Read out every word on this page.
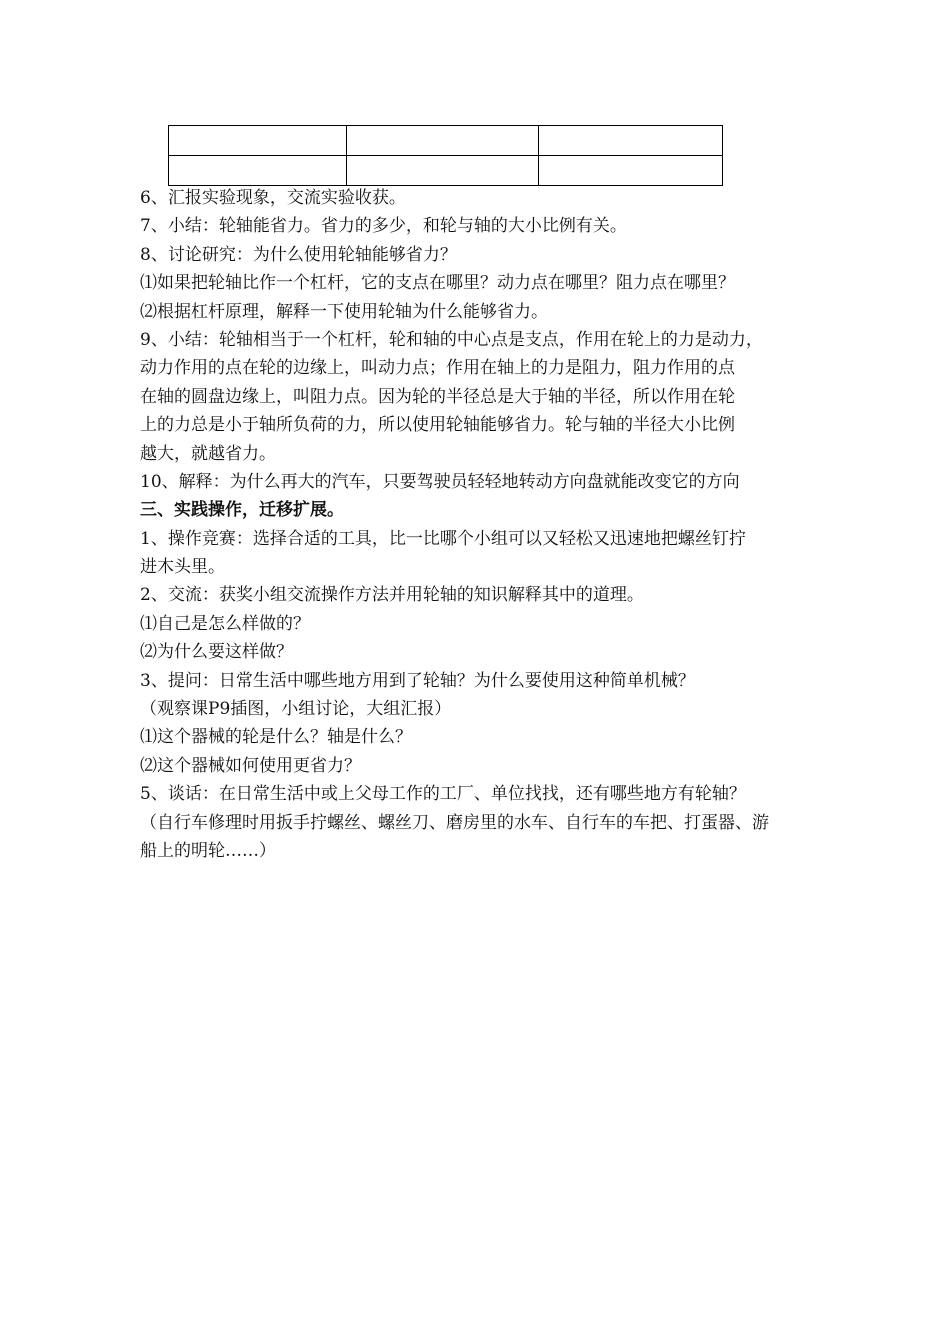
6、汇报实验现象，交流实验收获。
7、小结：轮轴能省力。省力的多少，和轮与轴的大小比例有关。
8、讨论研究：为什么使用轮轴能够省力？
⑴如果把轮轴比作一个杠杆，它的支点在哪里？动力点在哪里？阻力点在哪里？
⑵根据杠杆原理，解释一下使用轮轴为什么能够省力。
9、小结：轮轴相当于一个杠杆，轮和轴的中心点是支点，作用在轮上的力是动力，
动力作用的点在轮的边缘上，叫动力点；作用在轴上的力是阻力，阻力作用的点
在轴的圆盘边缘上，叫阻力点。因为轮的半径总是大于轴的半径，所以作用在轮
上的力总是小于轴所负荷的力，所以使用轮轴能够省力。轮与轴的半径大小比例
越大，就越省力。
10、解释：为什么再大的汽车，只要驾驶员轻轻地转动方向盘就能改变它的方向
三、实践操作，迁移扩展。
1、操作竞赛：选择合适的工具，比一比哪个小组可以又轻松又迅速地把螺丝钉拧
进木头里。
2、交流：获奖小组交流操作方法并用轮轴的知识解释其中的道理。
⑴自己是怎么样做的？
⑵为什么要这样做？
3、提问：日常生活中哪些地方用到了轮轴？为什么要使用这种简单机械？
（观察课P9插图，小组讨论，大组汇报）
⑴这个器械的轮是什么？轴是什么？
⑵这个器械如何使用更省力？
5、谈话：在日常生活中或上父母工作的工厂、单位找找，还有哪些地方有轮轴？
（自行车修理时用扳手拧螺丝、螺丝刀、磨房里的水车、自行车的车把、打蛋器、游
船上的明轮……）
